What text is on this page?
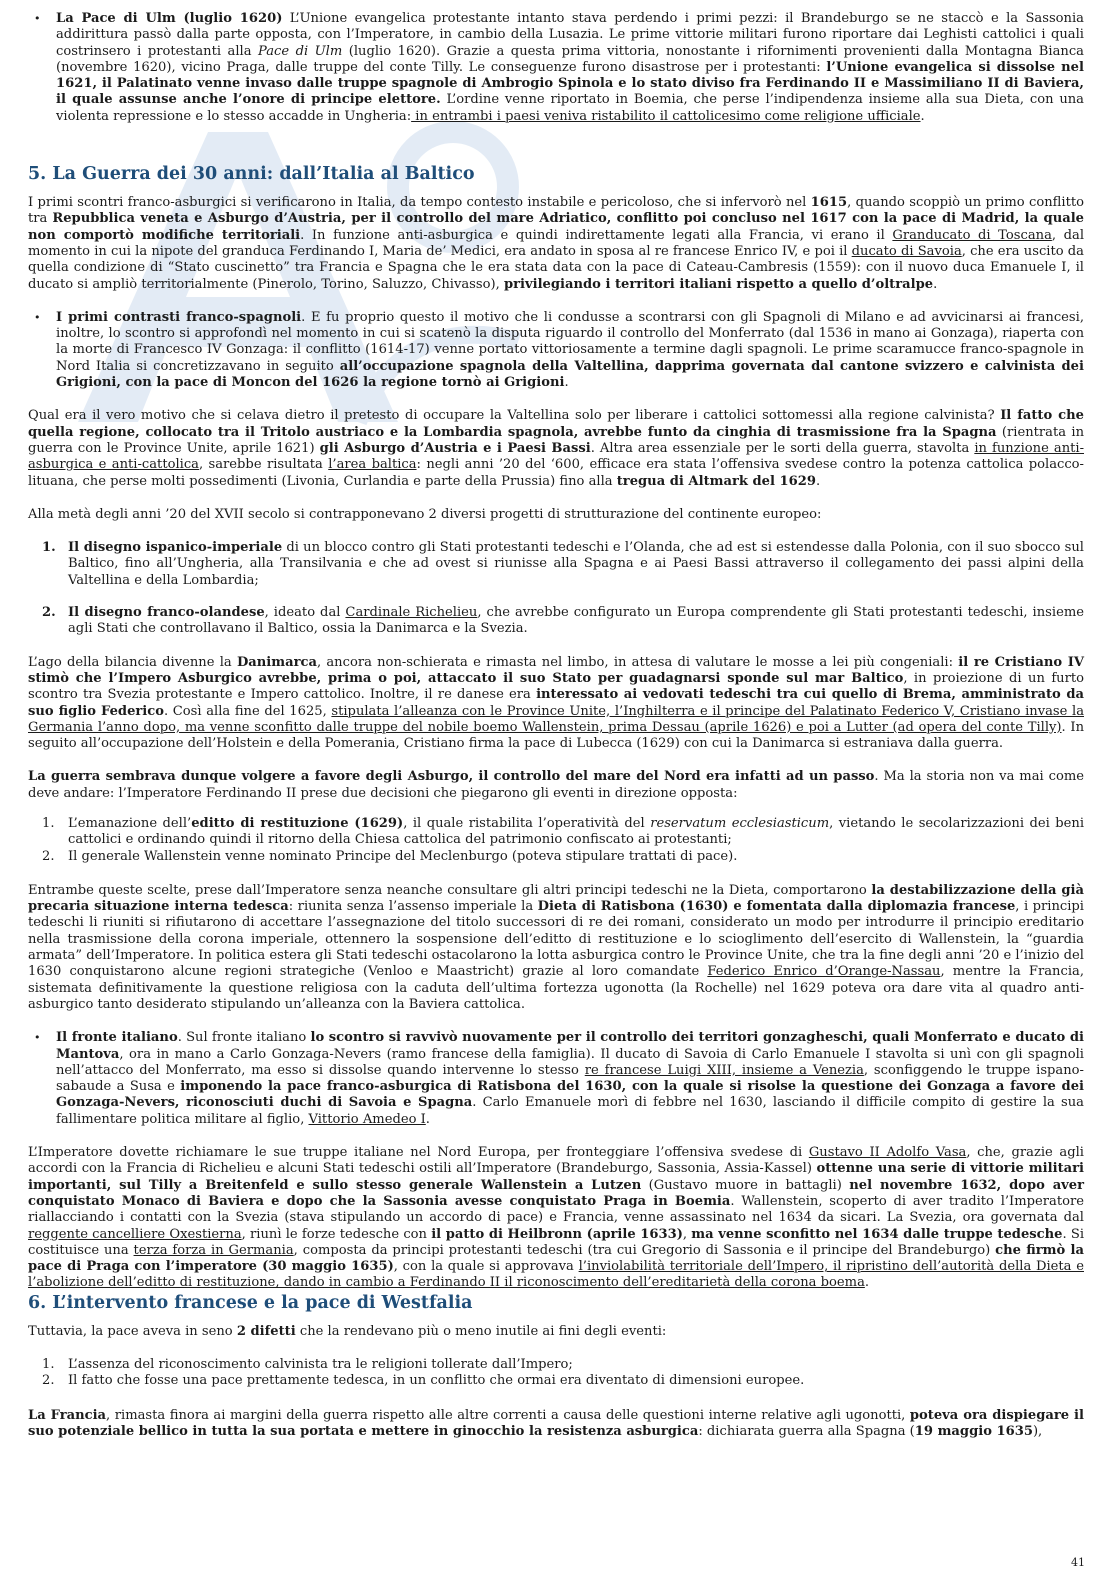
• La Pace di Ulm (luglio 1620) L’Unione evangelica protestante intanto stava perdendo i primi pezzi: il Brandeburgo se ne staccò e la Sassonia addirittura passò dalla parte opposta, con l’Imperatore, in cambio della Lusazia. Le prime vittorie militari furono riportare dai Leghisti cattolici i quali costrinsero i protestanti alla Pace di Ulm (luglio 1620). Grazie a questa prima vittoria, nonostante i rifornimenti provenienti dalla Montagna Bianca (novembre 1620), vicino Praga, dalle truppe del conte Tilly. Le conseguenze furono disastrose per i protestanti: l’Unione evangelica si dissolse nel 1621, il Palatinato venne invaso dalle truppe spagnole di Ambrogio Spinola e lo stato diviso fra Ferdinando II e Massimiliano II di Baviera, il quale assunse anche l’onore di principe elettore. L’ordine venne riportato in Boemia, che perse l’indipendenza insieme alla sua Dieta, con una violenta repressione e lo stesso accadde in Ungheria: in entrambi i paesi veniva ristabilito il cattolicesimo come religione ufficiale.
5. La Guerra dei 30 anni: dall’Italia al Baltico

I primi scontri franco-asburgici si verificarono in Italia, da tempo contesto instabile e pericoloso, che si infervorò nel 1615, quando scoppiò un primo conflitto tra Repubblica veneta e Asburgo d’Austria, per il controllo del mare Adriatico, conflitto poi concluso nel 1617 con la pace di Madrid, la quale non comportò modifiche territoriali. In funzione anti-asburgica e quindi indirettamente legati alla Francia, vi erano il Granducato di Toscana, dal momento in cui la nipote del granduca Ferdinando I, Maria de’ Medici, era andato in sposa al re francese Enrico IV, e poi il ducato di Savoia, che era uscito da quella condizione di “Stato cuscinetto” tra Francia e Spagna che le era stata data con la pace di Cateau-Cambresis (1559): con il nuovo duca Emanuele I, il ducato si ampliò territorialmente (Pinerolo, Torino, Saluzzo, Chivasso), privilegiando i territori italiani rispetto a quello d’oltralpe.

• I primi contrasti franco-spagnoli. E fu proprio questo il motivo che li condusse a scontrarsi con gli Spagnoli di Milano e ad avvicinarsi ai francesi, inoltre, lo scontro si approfondì nel momento in cui si scatenò la disputa riguardo il controllo del Monferrato (dal 1536 in mano ai Gonzaga), riaperta con la morte di Francesco IV Gonzaga: il conflitto (1614-17) venne portato vittoriosamente a termine dagli spagnoli. Le prime scaramucce franco-spagnole in Nord Italia si concretizzavano in seguito all’occupazione spagnola della Valtellina, dapprima governata dal cantone svizzero e calvinista dei Grigioni, con la pace di Moncon del 1626 la regione tornò ai Grigioni.

Qual era il vero motivo che si celava dietro il pretesto di occupare la Valtellina solo per liberare i cattolici sottomessi alla regione calvinista? Il fatto che quella regione, collocato tra il Tritolo austriaco e la Lombardia spagnola, avrebbe funto da cinghia di trasmissione fra la Spagna (rientrata in guerra con le Province Unite, aprile 1621) gli Asburgo d’Austria e i Paesi Bassi. Altra area essenziale per le sorti della guerra, stavolta in funzione anti-asburgica e anti-cattolica, sarebbe risultata l’area baltica: negli anni ’20 del ‘600, efficace era stata l’offensiva svedese contro la potenza cattolica polacco-lituana, che perse molti possedimenti (Livonia, Curlandia e parte della Prussia) fino alla tregua di Altmark del 1629.

Alla metà degli anni ’20 del XVII secolo si contrapponevano 2 diversi progetti di strutturazione del continente europeo:

1. Il disegno ispanico-imperiale di un blocco contro gli Stati protestanti tedeschi e l’Olanda, che ad est si estendesse dalla Polonia, con il suo sbocco sul Baltico, fino all’Ungheria, alla Transilvania e che ad ovest si riunisse alla Spagna e ai Paesi Bassi attraverso il collegamento dei passi alpini della Valtellina e della Lombardia;
2. Il disegno franco-olandese, ideato dal Cardinale Richelieu, che avrebbe configurato un Europa comprendente gli Stati protestanti tedeschi, insieme agli Stati che controllavano il Baltico, ossia la Danimarca e la Svezia.

L’ago della bilancia divenne la Danimarca, ancora non-schierata e rimasta nel limbo, in attesa di valutare le mosse a lei più congeniali: il re Cristiano IV stimò che l’Impero Asburgico avrebbe, prima o poi, attaccato il suo Stato per guadagnarsi sponde sul mar Baltico, in proiezione di un furto scontro tra Svezia protestante e Impero cattolico. Inoltre, il re danese era interessato ai vedovati tedeschi tra cui quello di Brema, amministrato da suo figlio Federico. Così alla fine del 1625, stipulata l’alleanza con le Province Unite, l’Inghilterra e il principe del Palatinato Federico V, Cristiano invase la Germania l’anno dopo, ma venne sconfitto dalle truppe del nobile boemo Wallenstein, prima Dessau (aprile 1626) e poi a Lutter (ad opera del conte Tilly). In seguito all’occupazione dell’Holstein e della Pomerania, Cristiano firma la pace di Lubecca (1629) con cui la Danimarca si estraniava dalla guerra.

La guerra sembrava dunque volgere a favore degli Asburgo, il controllo del mare del Nord era infatti ad un passo. Ma la storia non va mai come deve andare: l’Imperatore Ferdinando II prese due decisioni che piegarono gli eventi in direzione opposta:

1. L’emanazione dell’editto di restituzione (1629), il quale ristabilita l’operatività del reservatum ecclesiasticum, vietando le secolarizzazioni dei beni cattolici e ordinando quindi il ritorno della Chiesa cattolica del patrimonio confiscato ai protestanti;
2. Il generale Wallenstein venne nominato Principe del Meclenburgo (poteva stipulare trattati di pace).

Entrambe queste scelte, prese dall’Imperatore senza neanche consultare gli altri principi tedeschi ne la Dieta, comportarono la destabilizzazione della già precaria situazione interna tedesca: riunita senza l’assenso imperiale la Dieta di Ratisbona (1630) e fomentata dalla diplomazia francese, i principi tedeschi li riuniti si rifiutarono di accettare l’assegnazione del titolo successori di re dei romani, considerato un modo per introdurre il principio ereditario nella trasmissione della corona imperiale, ottennero la sospensione dell’editto di restituzione e lo scioglimento dell’esercito di Wallenstein, la “guardia armata” dell’Imperatore. In politica estera gli Stati tedeschi ostacolarono la lotta asburgica contro le Province Unite, che tra la fine degli anni ’20 e l’inizio del 1630 conquistarono alcune regioni strategiche (Venloo e Maastricht) grazie al loro comandate Federico Enrico d’Orange-Nassau, mentre la Francia, sistemata definitivamente la questione religiosa con la caduta dell’ultima fortezza ugonotta (la Rochelle) nel 1629 poteva ora dare vita al quadro anti-asburgico tanto desiderato stipulando un’alleanza con la Baviera cattolica.

• Il fronte italiano. Sul fronte italiano lo scontro si ravvivò nuovamente per il controllo dei territori gonzagheschi, quali Monferrato e ducato di Mantova, ora in mano a Carlo Gonzaga-Nevers (ramo francese della famiglia). Il ducato di Savoia di Carlo Emanuele I stavolta si unì con gli spagnoli nell’attacco del Monferrato, ma esso si dissolse quando intervenne lo stesso re francese Luigi XIII, insieme a Venezia, sconfiggendo le truppe ispano-sabaude a Susa e imponendo la pace franco-asburgica di Ratisbona del 1630, con la quale si risolse la questione dei Gonzaga a favore dei Gonzaga-Nevers, riconosciuti duchi di Savoia e Spagna. Carlo Emanuele morì di febbre nel 1630, lasciando il difficile compito di gestire la sua fallimentare politica militare al figlio, Vittorio Amedeo I.

L’Imperatore dovette richiamare le sue truppe italiane nel Nord Europa, per fronteggiare l’offensiva svedese di Gustavo II Adolfo Vasa, che, grazie agli accordi con la Francia di Richelieu e alcuni Stati tedeschi ostili all’Imperatore (Brandeburgo, Sassonia, Assia-Kassel) ottenne una serie di vittorie militari importanti, sul Tilly a Breitenfeld e sullo stesso generale Wallenstein a Lutzen (Gustavo muore in battagli) nel novembre 1632, dopo aver conquistato Monaco di Baviera e dopo che la Sassonia avesse conquistato Praga in Boemia. Wallenstein, scoperto di aver tradito l’Imperatore riallacciando i contatti con la Svezia (stava stipulando un accordo di pace) e Francia, venne assassinato nel 1634 da sicari. La Svezia, ora governata dal reggente cancelliere Oxestierna, riunì le forze tedesche con il patto di Heilbronn (aprile 1633), ma venne sconfitto nel 1634 dalle truppe tedesche. Si costituisce una terza forza in Germania, composta da principi protestanti tedeschi (tra cui Gregorio di Sassonia e il principe del Brandeburgo) che firmò la pace di Praga con l’imperatore (30 maggio 1635), con la quale si approvava l’inviolabilità territoriale dell’Impero, il ripristino dell’autorità della Dieta e l’abolizione dell’editto di restituzione, dando in cambio a Ferdinando II il riconoscimento dell’ereditarietà della corona boema.

6. L’intervento francese e la pace di Westfalia

Tuttavia, la pace aveva in seno 2 difetti che la rendevano più o meno inutile ai fini degli eventi:

1. L’assenza del riconoscimento calvinista tra le religioni tollerate dall’Impero;
2. Il fatto che fosse una pace prettamente tedesca, in un conflitto che ormai era diventato di dimensioni europee.

La Francia, rimasta finora ai margini della guerra rispetto alle altre correnti a causa delle questioni interne relative agli ugonotti, poteva ora dispiegare il suo potenziale bellico in tutta la sua portata e mettere in ginocchio la resistenza asburgica: dichiarata guerra alla Spagna (19 maggio 1635),

41
